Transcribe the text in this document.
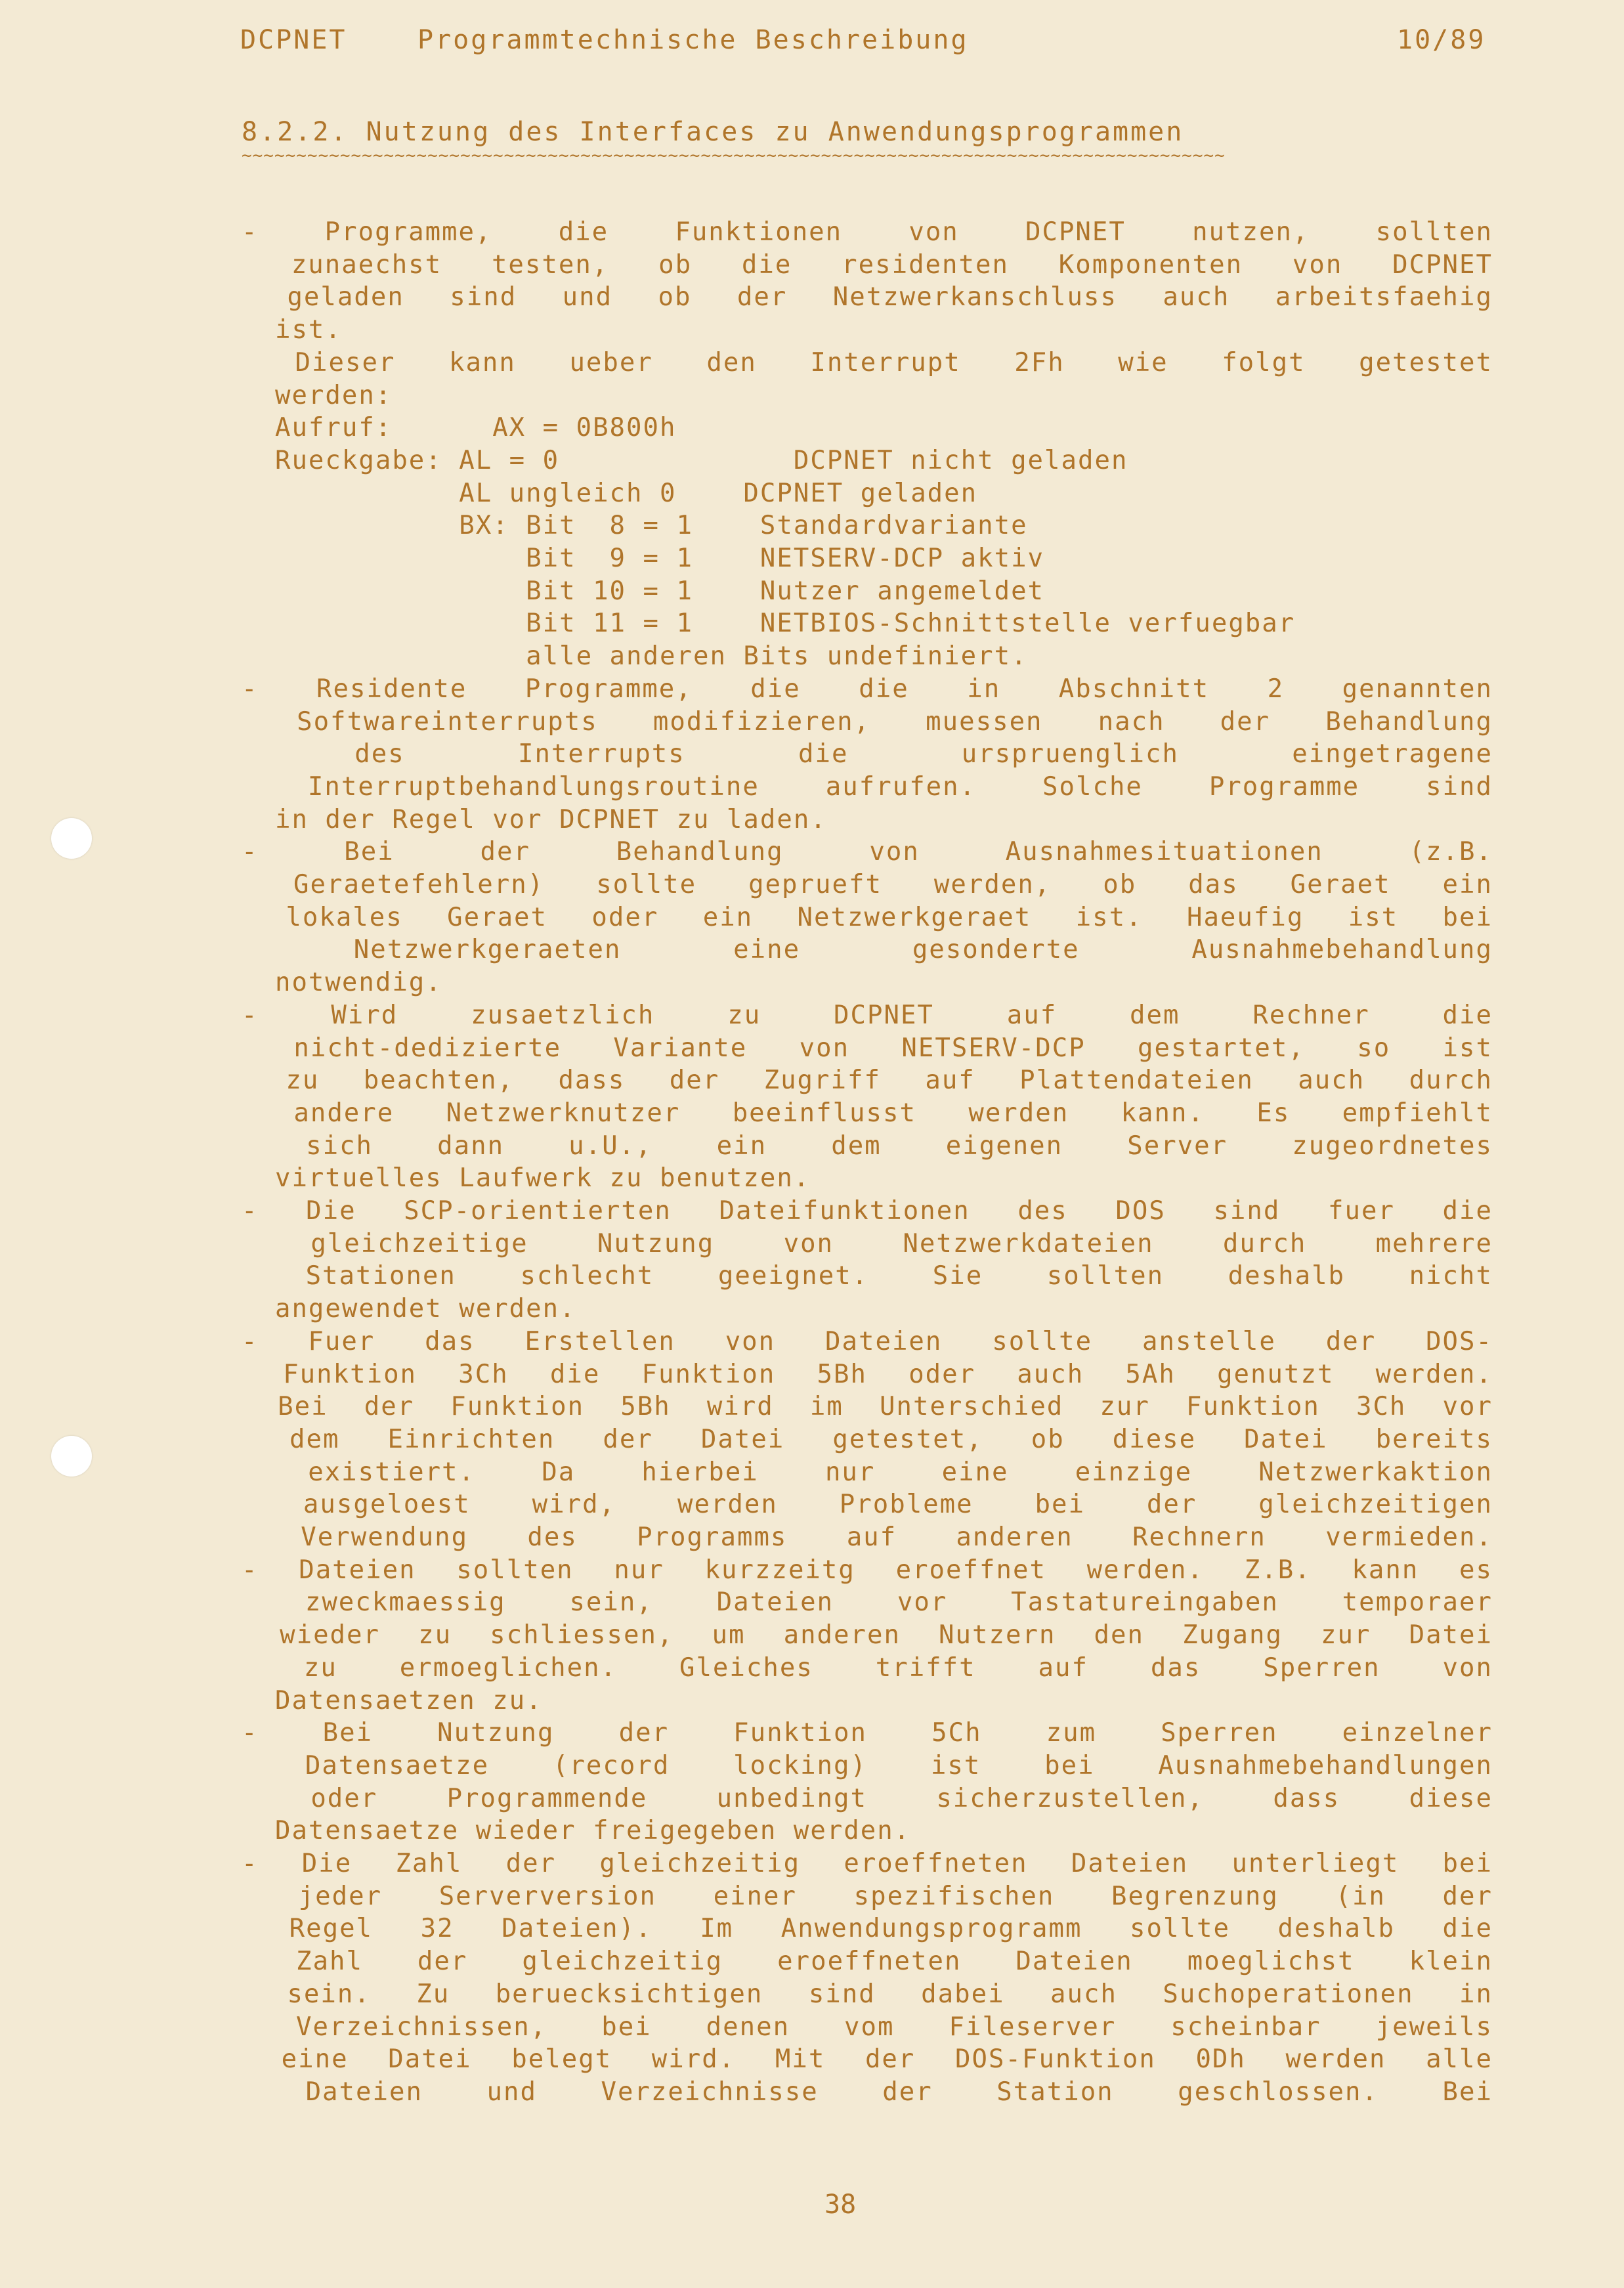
DCPNET	Programmtechnische Beschreibung	10/89
8.2.2. Nutzung des Interfaces zu Anwendungsprogrammen
~~~~~~~~~~~~~~~~~~~~~~~~~~~~~~~~~~~~~~~~~~~~~~~~~~~~~~~~~~~~~~~~~~~~~~~~~~~~~~~~~~~~~~~~~~
- Programme, die Funktionen von DCPNET nutzen, sollten
zunaechst testen, ob die residenten Komponenten von DCPNET
geladen sind und ob der Netzwerkanschluss auch arbeitsfaehig
ist.
Dieser kann ueber den Interrupt 2Fh wie folgt getestet
werden:
Aufruf:      AX = 0B800h
Rueckgabe: AL = 0              DCPNET nicht geladen
AL ungleich 0    DCPNET geladen
BX: Bit  8 = 1    Standardvariante
Bit  9 = 1    NETSERV-DCP aktiv
Bit 10 = 1    Nutzer angemeldet
Bit 11 = 1    NETBIOS-Schnittstelle verfuegbar
alle anderen Bits undefiniert.
- Residente Programme, die die in Abschnitt 2 genannten
Softwareinterrupts modifizieren, muessen nach der Behandlung
des Interrupts die urspruenglich eingetragene
Interruptbehandlungsroutine aufrufen. Solche Programme sind
in der Regel vor DCPNET zu laden.
- Bei der Behandlung von Ausnahmesituationen (z.B.
Geraetefehlern) sollte geprueft werden, ob das Geraet ein
lokales Geraet oder ein Netzwerkgeraet ist. Haeufig ist bei
Netzwerkgeraeten eine gesonderte Ausnahmebehandlung
notwendig.
- Wird zusaetzlich zu DCPNET auf dem Rechner die
nicht-dedizierte Variante von NETSERV-DCP gestartet, so ist
zu beachten, dass der Zugriff auf Plattendateien auch durch
andere Netzwerknutzer beeinflusst werden kann. Es empfiehlt
sich dann u.U., ein dem eigenen Server zugeordnetes
virtuelles Laufwerk zu benutzen.
- Die SCP-orientierten Dateifunktionen des DOS sind fuer die
gleichzeitige Nutzung von Netzwerkdateien durch mehrere
Stationen schlecht geeignet. Sie sollten deshalb nicht
angewendet werden.
- Fuer das Erstellen von Dateien sollte anstelle der DOS-
Funktion 3Ch die Funktion 5Bh oder auch 5Ah genutzt werden.
Bei der Funktion 5Bh wird im Unterschied zur Funktion 3Ch vor
dem Einrichten der Datei getestet, ob diese Datei bereits
existiert. Da hierbei nur eine einzige Netzwerkaktion
ausgeloest wird, werden Probleme bei der gleichzeitigen
Verwendung des Programms auf anderen Rechnern vermieden.
- Dateien sollten nur kurzzeitg eroeffnet werden. Z.B. kann es
zweckmaessig sein, Dateien vor Tastatureingaben temporaer
wieder zu schliessen, um anderen Nutzern den Zugang zur Datei
zu ermoeglichen. Gleiches trifft auf das Sperren von
Datensaetzen zu.
- Bei Nutzung der Funktion 5Ch zum Sperren einzelner
Datensaetze (record locking) ist bei Ausnahmebehandlungen
oder Programmende unbedingt sicherzustellen, dass diese
Datensaetze wieder freigegeben werden.
- Die Zahl der gleichzeitig eroeffneten Dateien unterliegt bei
jeder Serverversion einer spezifischen Begrenzung (in der
Regel 32 Dateien). Im Anwendungsprogramm sollte deshalb die
Zahl der gleichzeitig eroeffneten Dateien moeglichst klein
sein. Zu beruecksichtigen sind dabei auch Suchoperationen in
Verzeichnissen, bei denen vom Fileserver scheinbar jeweils
eine Datei belegt wird. Mit der DOS-Funktion 0Dh werden alle
Dateien und Verzeichnisse der Station geschlossen. Bei
38
